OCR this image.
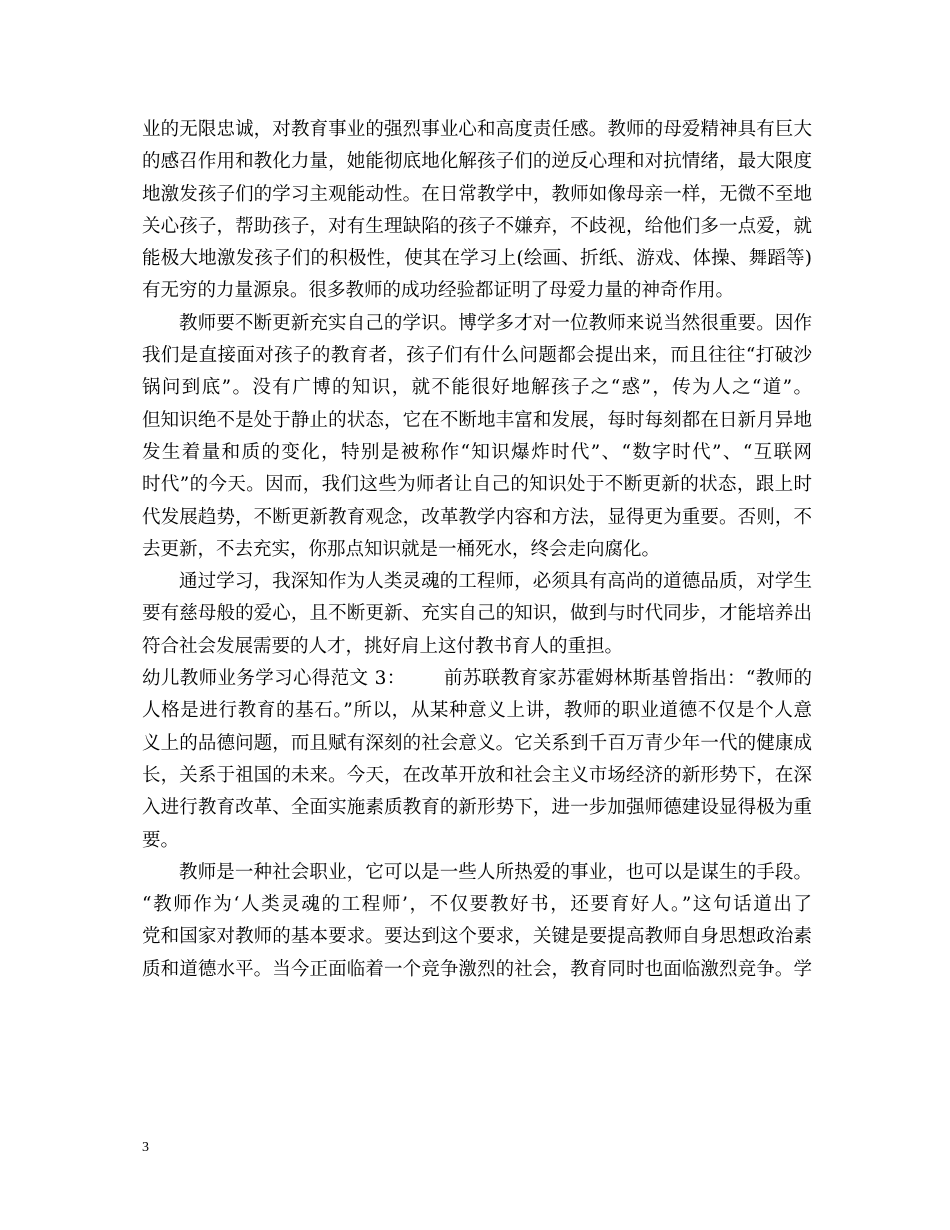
业的无限忠诚，对教育事业的强烈事业心和高度责任感。教师的母爱精神具有巨大
的感召作用和教化力量，她能彻底地化解孩子们的逆反心理和对抗情绪，最大限度
地激发孩子们的学习主观能动性。在日常教学中，教师如像母亲一样，无微不至地
关心孩子，帮助孩子，对有生理缺陷的孩子不嫌弃，不歧视，给他们多一点爱，就
能极大地激发孩子们的积极性，使其在学习上(绘画、折纸、游戏、体操、舞蹈等)
有无穷的力量源泉。很多教师的成功经验都证明了母爱力量的神奇作用。
教师要不断更新充实自己的学识。博学多才对一位教师来说当然很重要。因作
我们是直接面对孩子的教育者，孩子们有什么问题都会提出来，而且往往“打破沙
锅问到底”。没有广博的知识，就不能很好地解孩子之“惑”，传为人之“道”。
但知识绝不是处于静止的状态，它在不断地丰富和发展，每时每刻都在日新月异地
发生着量和质的变化，特别是被称作“知识爆炸时代”、“数字时代”、“互联网
时代”的今天。因而，我们这些为师者让自己的知识处于不断更新的状态，跟上时
代发展趋势，不断更新教育观念，改革教学内容和方法，显得更为重要。否则，不
去更新，不去充实，你那点知识就是一桶死水，终会走向腐化。
通过学习，我深知作为人类灵魂的工程师，必须具有高尚的道德品质，对学生
要有慈母般的爱心，且不断更新、充实自己的知识，做到与时代同步，才能培养出
符合社会发展需要的人才，挑好肩上这付教书育人的重担。
幼儿教师业务学习心得范文 3： 前苏联教育家苏霍姆林斯基曾指出：“教师的
人格是进行教育的基石。”所以，从某种意义上讲，教师的职业道德不仅是个人意
义上的品德问题，而且赋有深刻的社会意义。它关系到千百万青少年一代的健康成
长，关系于祖国的未来。今天，在改革开放和社会主义市场经济的新形势下，在深
入进行教育改革、全面实施素质教育的新形势下，进一步加强师德建设显得极为重
要。
教师是一种社会职业，它可以是一些人所热爱的事业，也可以是谋生的手段。
“教师作为‘人类灵魂的工程师’，不仅要教好书，还要育好人。”这句话道出了
党和国家对教师的基本要求。要达到这个要求，关键是要提高教师自身思想政治素
质和道德水平。当今正面临着一个竞争激烈的社会，教育同时也面临激烈竞争。学
3
